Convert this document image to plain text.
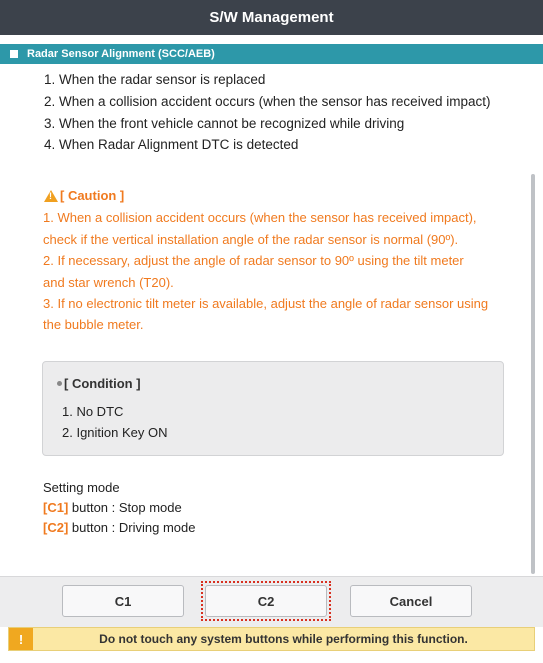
S/W Management
Radar Sensor Alignment (SCC/AEB)
1. When the radar sensor is replaced
2. When a collision accident occurs (when the sensor has received impact)
3. When the front vehicle cannot be recognized while driving
4. When Radar Alignment DTC is detected
!
[ Caution ]
1. When a collision accident occurs (when the sensor has received impact),
check if the vertical installation angle of the radar sensor is normal (90º).
2. If necessary, adjust the angle of radar sensor to 90º using the tilt meter
and star wrench (T20).
3. If no electronic tilt meter is available, adjust the angle of radar sensor using
the bubble meter.
[ Condition ]
1. No DTC
2. Ignition Key ON
Setting mode
[C1] button : Stop mode
[C2] button : Driving mode
C1	C2	Cancel
!	Do not touch any system buttons while performing this function.
